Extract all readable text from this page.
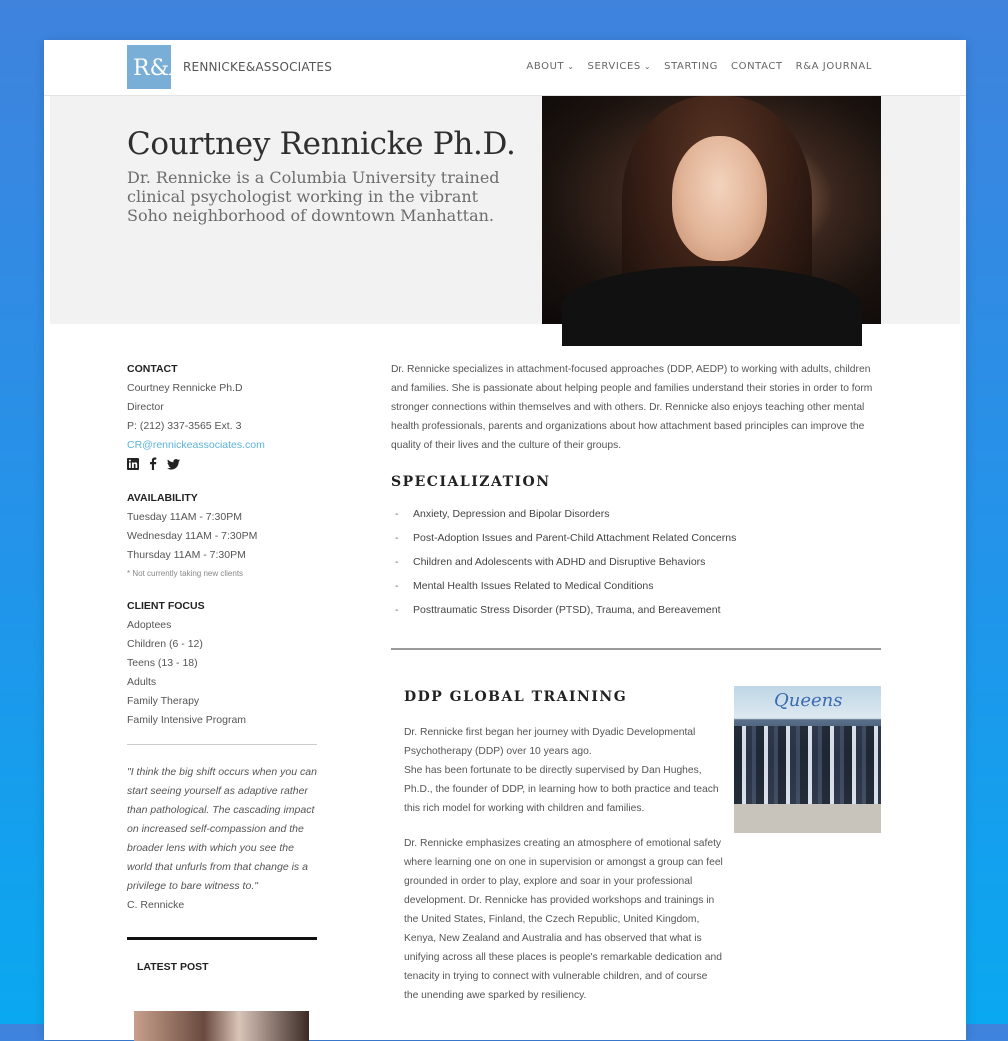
R&A
RENNICKE&ASSOCIATES	ABOUT ⌄ SERVICES ⌄ STARTING CONTACT R&A JOURNAL
Courtney Rennicke Ph.D.

Dr. Rennicke is a Columbia University trained clinical psychologist working in the vibrant Soho neighborhood of downtown Manhattan.

CONTACT

Courtney Rennicke Ph.D
Director
P: (212) 337-3565 Ext. 3
CR@rennickeassociates.com

AVAILABILITY

Tuesday 11AM - 7:30PM
Wednesday 11AM - 7:30PM
Thursday 11AM - 7:30PM
* Not currently taking new clients

CLIENT FOCUS

Adoptees
Children (6 - 12)
Teens (13 - 18)
Adults
Family Therapy
Family Intensive Program
"I think the big shift occurs when you can start seeing yourself as adaptive rather than pathological. The cascading impact on increased self-compassion and the broader lens with which you see the world that unfurls from that change is a privilege to bare witness to."
C. Rennicke
LATEST POST

Dr. Rennicke specializes in attachment-focused approaches (DDP, AEDP) to working with adults, children and families. She is passionate about helping people and families understand their stories in order to form stronger connections within themselves and with others. Dr. Rennicke also enjoys teaching other mental health professionals, parents and organizations about how attachment based principles can improve the quality of their lives and the culture of their groups.

SPECIALIZATION
-	Anxiety, Depression and Bipolar Disorders
-	Post-Adoption Issues and Parent-Child Attachment Related Concerns
-	Children and Adolescents with ADHD and Disruptive Behaviors
-	Mental Health Issues Related to Medical Conditions
-	Posttraumatic Stress Disorder (PTSD), Trauma, and Bereavement
DDP GLOBAL TRAINING
Dr. Rennicke first began her journey with Dyadic Developmental Psychotherapy (DDP) over 10 years ago.
She has been fortunate to be directly supervised by Dan Hughes, Ph.D., the founder of DDP, in learning how to both practice and teach this rich model for working with children and families.
Dr. Rennicke emphasizes creating an atmosphere of emotional safety where learning one on one in supervision or amongst a group can feel grounded in order to play, explore and soar in your professional development. Dr. Rennicke has provided workshops and trainings in the United States, Finland, the Czech Republic, United Kingdom, Kenya, New Zealand and Australia and has observed that what is unifying across all these places is people's remarkable dedication and tenacity in trying to connect with vulnerable children, and of course the unending awe sparked by resiliency.
Queens
